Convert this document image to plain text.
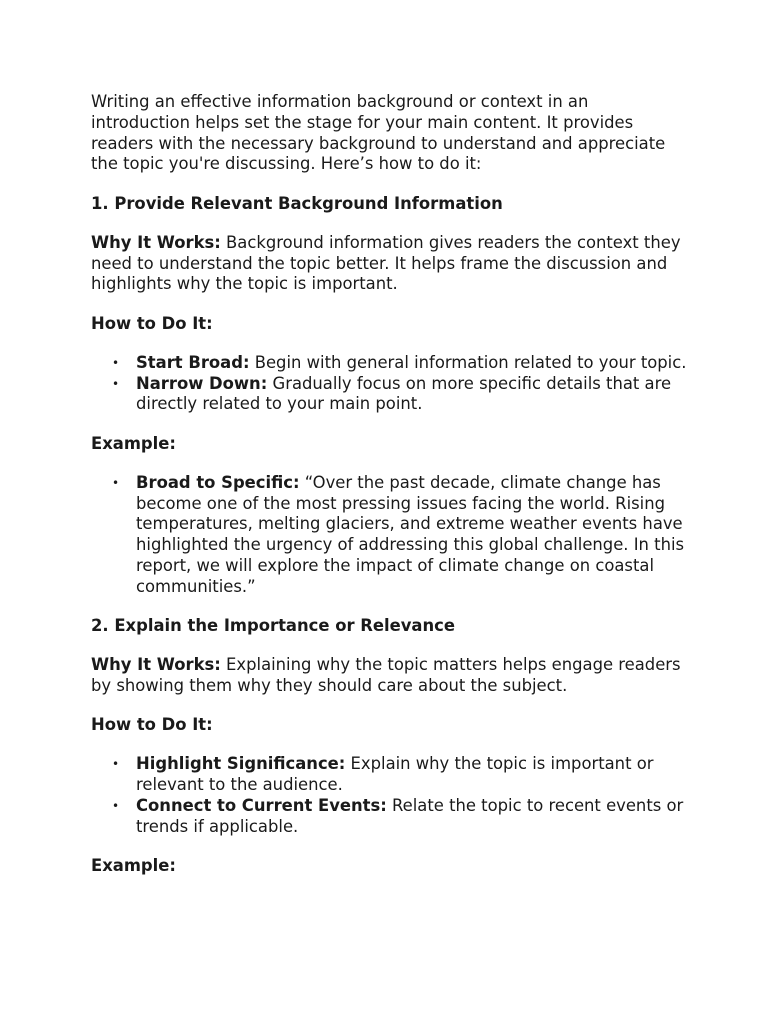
Writing an effective information background or context in an introduction helps set the stage for your main content. It provides readers with the necessary background to understand and appreciate the topic you're discussing. Here’s how to do it:

1. Provide Relevant Background Information

Why It Works: Background information gives readers the context they need to understand the topic better. It helps frame the discussion and highlights why the topic is important.

How to Do It:

• Start Broad: Begin with general information related to your topic.
• Narrow Down: Gradually focus on more specific details that are directly related to your main point.

Example:

• Broad to Specific: “Over the past decade, climate change has become one of the most pressing issues facing the world. Rising temperatures, melting glaciers, and extreme weather events have highlighted the urgency of addressing this global challenge. In this report, we will explore the impact of climate change on coastal communities.”

2. Explain the Importance or Relevance

Why It Works: Explaining why the topic matters helps engage readers by showing them why they should care about the subject.

How to Do It:

• Highlight Significance: Explain why the topic is important or relevant to the audience.
• Connect to Current Events: Relate the topic to recent events or trends if applicable.

Example:
